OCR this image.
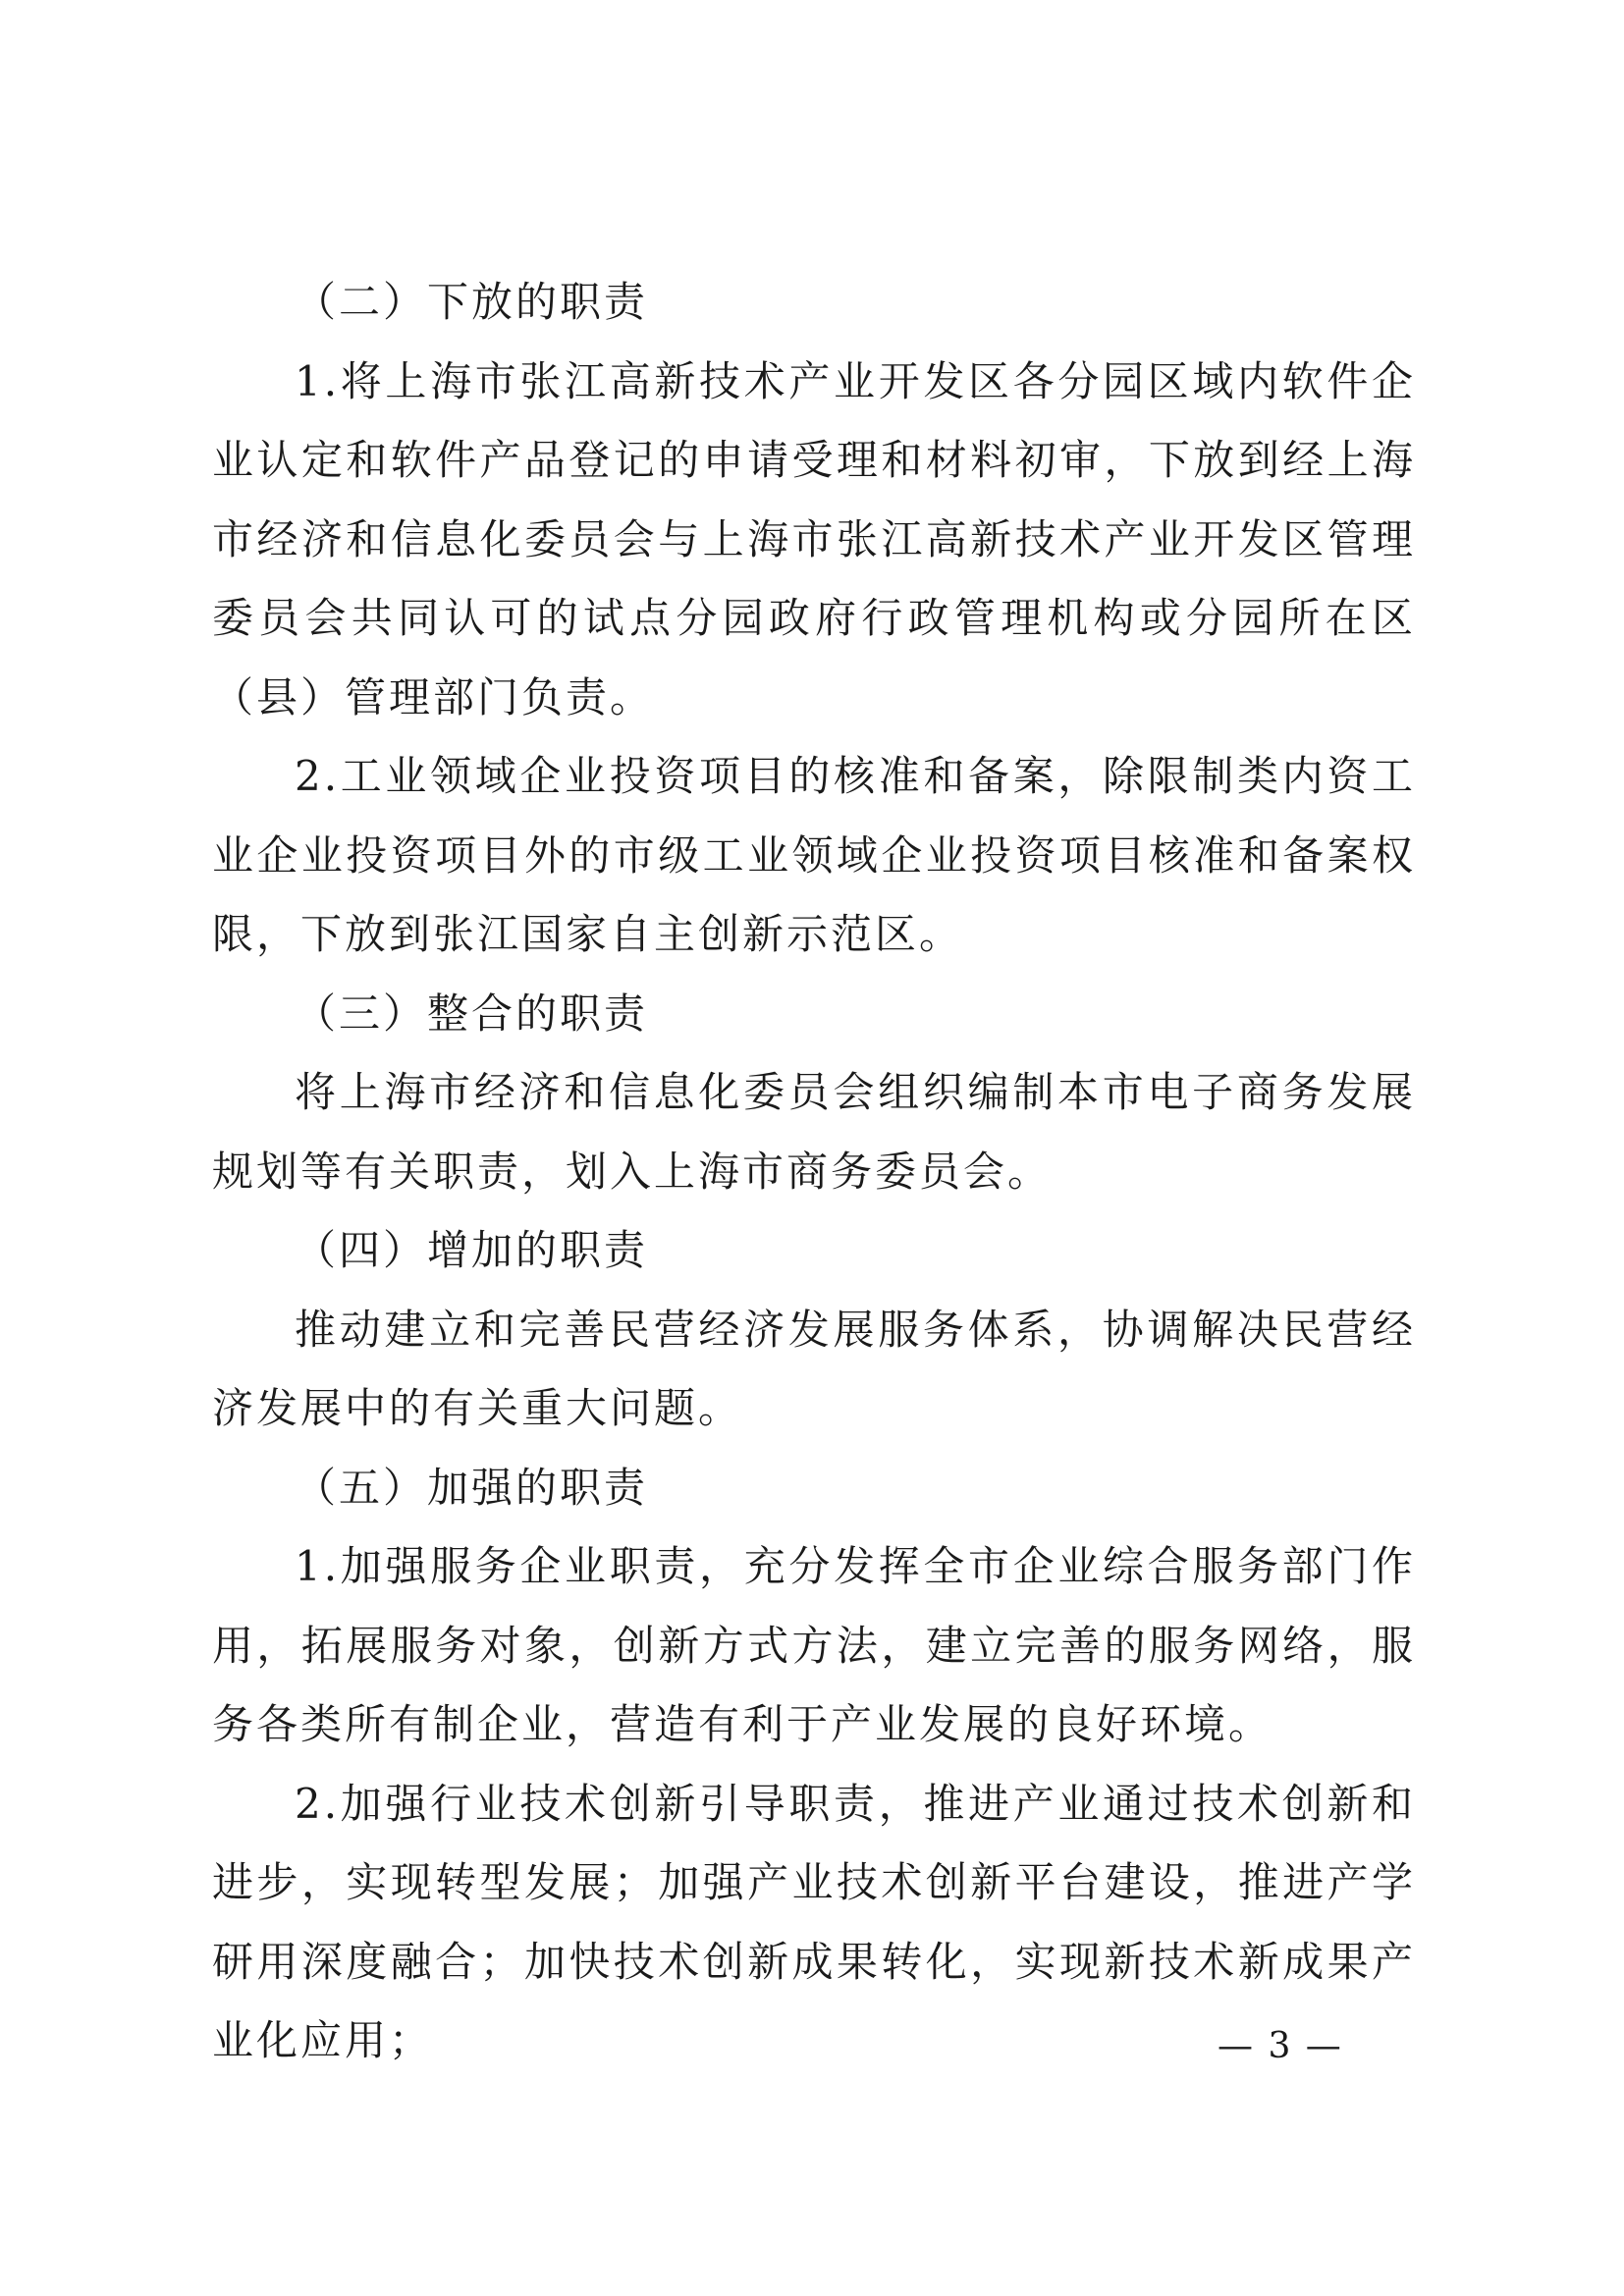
（二）下放的职责

1.将上海市张江高新技术产业开发区各分园区域内软件企业认定和软件产品登记的申请受理和材料初审，下放到经上海市经济和信息化委员会与上海市张江高新技术产业开发区管理委员会共同认可的试点分园政府行政管理机构或分园所在区（县）管理部门负责。

2.工业领域企业投资项目的核准和备案，除限制类内资工业企业投资项目外的市级工业领域企业投资项目核准和备案权限，下放到张江国家自主创新示范区。

（三）整合的职责

将上海市经济和信息化委员会组织编制本市电子商务发展规划等有关职责，划入上海市商务委员会。

（四）增加的职责

推动建立和完善民营经济发展服务体系，协调解决民营经济发展中的有关重大问题。

（五）加强的职责

1.加强服务企业职责，充分发挥全市企业综合服务部门作用，拓展服务对象，创新方式方法，建立完善的服务网络，服务各类所有制企业，营造有利于产业发展的良好环境。

2.加强行业技术创新引导职责，推进产业通过技术创新和进步，实现转型发展；加强产业技术创新平台建设，推进产学研用深度融合；加快技术创新成果转化，实现新技术新成果产业化应用；	— 3 —
